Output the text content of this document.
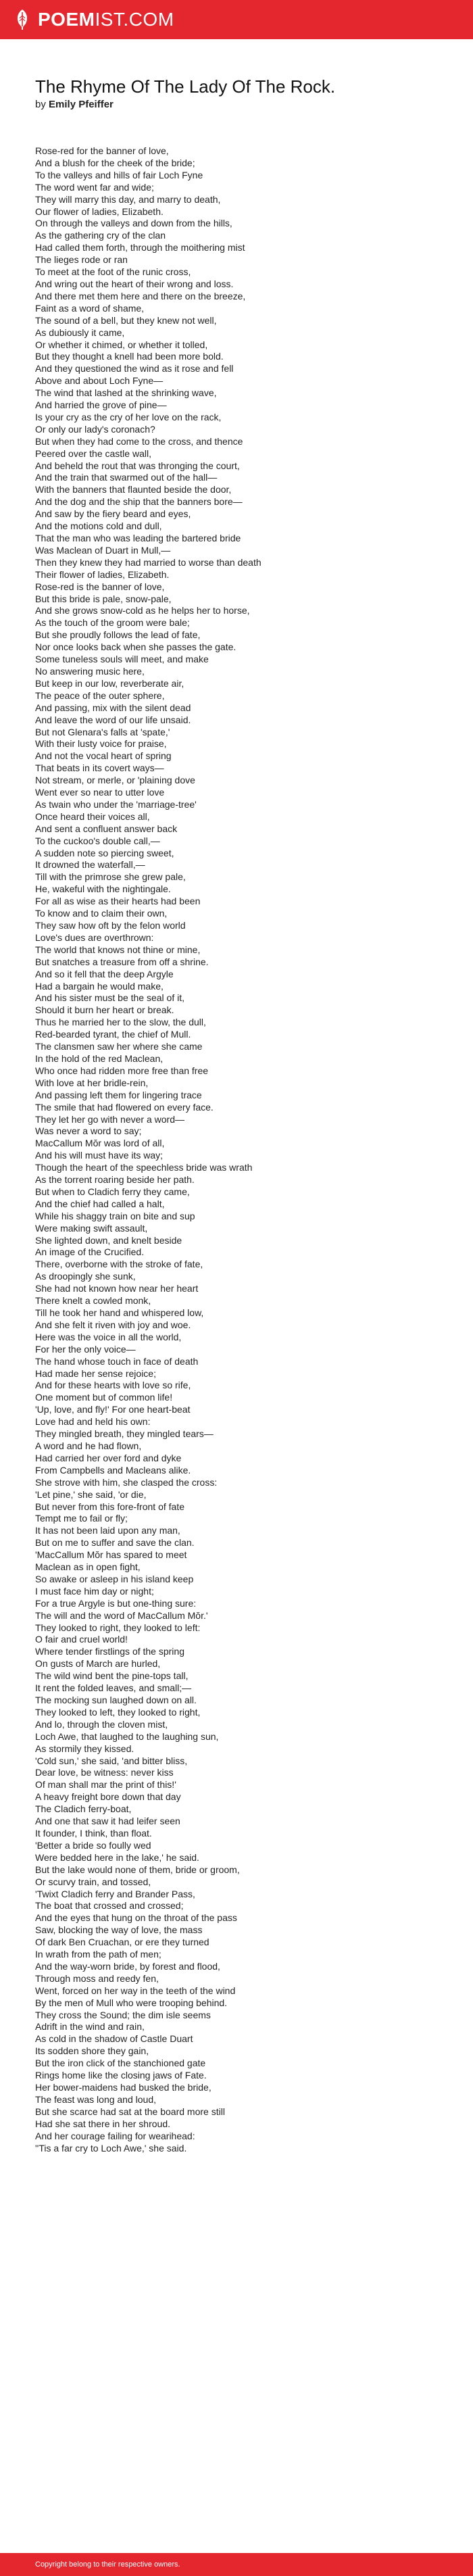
POEM IST.COM
The Rhyme Of The Lady Of The Rock.
by Emily Pfeiffer
Rose-red for the banner of love,
And a blush for the cheek of the bride;
To the valleys and hills of fair Loch Fyne
The word went far and wide;
They will marry this day, and marry to death,
Our flower of ladies, Elizabeth.
On through the valleys and down from the hills,
As the gathering cry of the clan
Had called them forth, through the moithering mist
The lieges rode or ran
To meet at the foot of the runic cross,
And wring out the heart of their wrong and loss.
And there met them here and there on the breeze,
Faint as a word of shame,
The sound of a bell, but they knew not well,
As dubiously it came,
Or whether it chimed, or whether it tolled,
But they thought a knell had been more bold.
And they questioned the wind as it rose and fell
Above and about Loch Fyne—
The wind that lashed at the shrinking wave,
And harried the grove of pine—
Is your cry as the cry of her love on the rack,
Or only our lady's coronach?
But when they had come to the cross, and thence
Peered over the castle wall,
And beheld the rout that was thronging the court,
And the train that swarmed out of the hall—
With the banners that flaunted beside the door,
And the dog and the ship that the banners bore—
And saw by the fiery beard and eyes,
And the motions cold and dull,
That the man who was leading the bartered bride
Was Maclean of Duart in Mull,—
Then they knew they had married to worse than death
Their flower of ladies, Elizabeth.
Rose-red is the banner of love,
But this bride is pale, snow-pale,
And she grows snow-cold as he helps her to horse,
As the touch of the groom were bale;
But she proudly follows the lead of fate,
Nor once looks back when she passes the gate.
Some tuneless souls will meet, and make
No answering music here,
But keep in our low, reverberate air,
The peace of the outer sphere,
And passing, mix with the silent dead
And leave the word of our life unsaid.
But not Glenara's falls at 'spate,'
With their lusty voice for praise,
And not the vocal heart of spring
That beats in its covert ways—
Not stream, or merle, or 'plaining dove
Went ever so near to utter love
As twain who under the 'marriage-tree'
Once heard their voices all,
And sent a confluent answer back
To the cuckoo's double call,—
A sudden note so piercing sweet,
It drowned the waterfall,—
Till with the primrose she grew pale,
He, wakeful with the nightingale.
For all as wise as their hearts had been
To know and to claim their own,
They saw how oft by the felon world
Love's dues are overthrown:
The world that knows not thine or mine,
But snatches a treasure from off a shrine.
And so it fell that the deep Argyle
Had a bargain he would make,
And his sister must be the seal of it,
Should it burn her heart or break.
Thus he married her to the slow, the dull,
Red-bearded tyrant, the chief of Mull.
The clansmen saw her where she came
In the hold of the red Maclean,
Who once had ridden more free than free
With love at her bridle-rein,
And passing left them for lingering trace
The smile that had flowered on every face.
They let her go with never a word—
Was never a word to say;
MacCallum Mŏr was lord of all,
And his will must have its way;
Though the heart of the speechless bride was wrath
As the torrent roaring beside her path.
But when to Cladich ferry they came,
And the chief had called a halt,
While his shaggy train on bite and sup
Were making swift assault,
She lighted down, and knelt beside
An image of the Crucified.
There, overborne with the stroke of fate,
As droopingly she sunk,
She had not known how near her heart
There knelt a cowled monk,
Till he took her hand and whispered low,
And she felt it riven with joy and woe.
Here was the voice in all the world,
For her the only voice—
The hand whose touch in face of death
Had made her sense rejoice;
And for these hearts with love so rife,
One moment but of common life!
'Up, love, and fly!' For one heart-beat
Love had and held his own:
They mingled breath, they mingled tears—
A word and he had flown,
Had carried her over ford and dyke
From Campbells and Macleans alike.
She strove with him, she clasped the cross:
'Let pine,' she said, 'or die,
But never from this fore-front of fate
Tempt me to fail or fly;
It has not been laid upon any man,
But on me to suffer and save the clan.
'MacCallum Mŏr has spared to meet
Maclean as in open fight,
So awake or asleep in his island keep
I must face him day or night;
For a true Argyle is but one-thing sure:
The will and the word of MacCallum Mŏr.'
They looked to right, they looked to left:
O fair and cruel world!
Where tender firstlings of the spring
On gusts of March are hurled,
The wild wind bent the pine-tops tall,
It rent the folded leaves, and small;—
The mocking sun laughed down on all.
They looked to left, they looked to right,
And lo, through the cloven mist,
Loch Awe, that laughed to the laughing sun,
As stormily they kissed.
'Cold sun,' she said, 'and bitter bliss,
Dear love, be witness: never kiss
Of man shall mar the print of this!'
A heavy freight bore down that day
The Cladich ferry-boat,
And one that saw it had leifer seen
It founder, I think, than float.
'Better a bride so foully wed
Were bedded here in the lake,' he said.
But the lake would none of them, bride or groom,
Or scurvy train, and tossed,
'Twixt Cladich ferry and Brander Pass,
The boat that crossed and crossed;
And the eyes that hung on the throat of the pass
Saw, blocking the way of love, the mass
Of dark Ben Cruachan, or ere they turned
In wrath from the path of men;
And the way-worn bride, by forest and flood,
Through moss and reedy fen,
Went, forced on her way in the teeth of the wind
By the men of Mull who were trooping behind.
They cross the Sound; the dim isle seems
Adrift in the wind and rain,
As cold in the shadow of Castle Duart
Its sodden shore they gain,
But the iron click of the stanchioned gate
Rings home like the closing jaws of Fate.
Her bower-maidens had busked the bride,
The feast was long and loud,
But she scarce had sat at the board more still
Had she sat there in her shroud.
And her courage failing for wearihead:
''Tis a far cry to Loch Awe,' she said.
Copyright belong to their respective owners.
